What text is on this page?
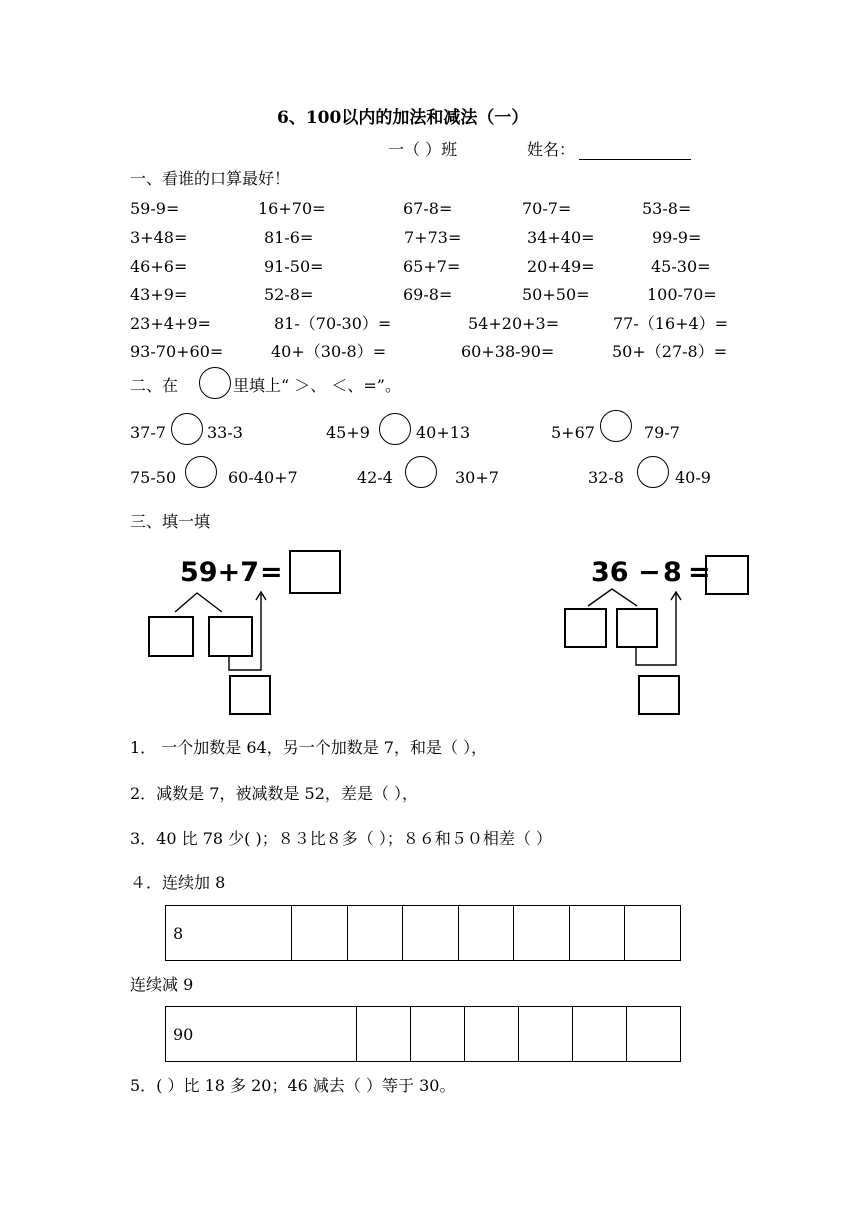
6、100以内的加法和减法（一）
一（ ）班	姓名：
一、看谁的口算最好！
59-9=	16+70=	67-8=	70-7=	53-8=
3+48=	81-6=	7+73=	34+40=	99-9=
46+6=	91-50=	65+7=	20+49=	45-30=
43+9=	52-8=	69-8=	50+50=	100-70=
23+4+9=	81-（70-30）=	54+20+3=	77-（16+4）=
93-70+60=	40+（30-8）=	60+38-90=	50+（27-8）=
二、在	里填上“ ＞、 ＜、=”。
37-7	33-3	45+9	40+13	5+67	79-7
75-50	60-40+7	42-4	30+7	32-8	40-9
三、填一填
59+7 =	36 − 8 =
1． 一个加数是 64，另一个加数是 7，和是（ ），
2．减数是 7，被减数是 52，差是（ ），
3．40 比 78 少( )；８３比８多（ ）；８６和５０相差（ ）
４．连续加 8
8							
连续减 9
90						
5．( ）比 18 多 20；46 减去（ ）等于 30。
